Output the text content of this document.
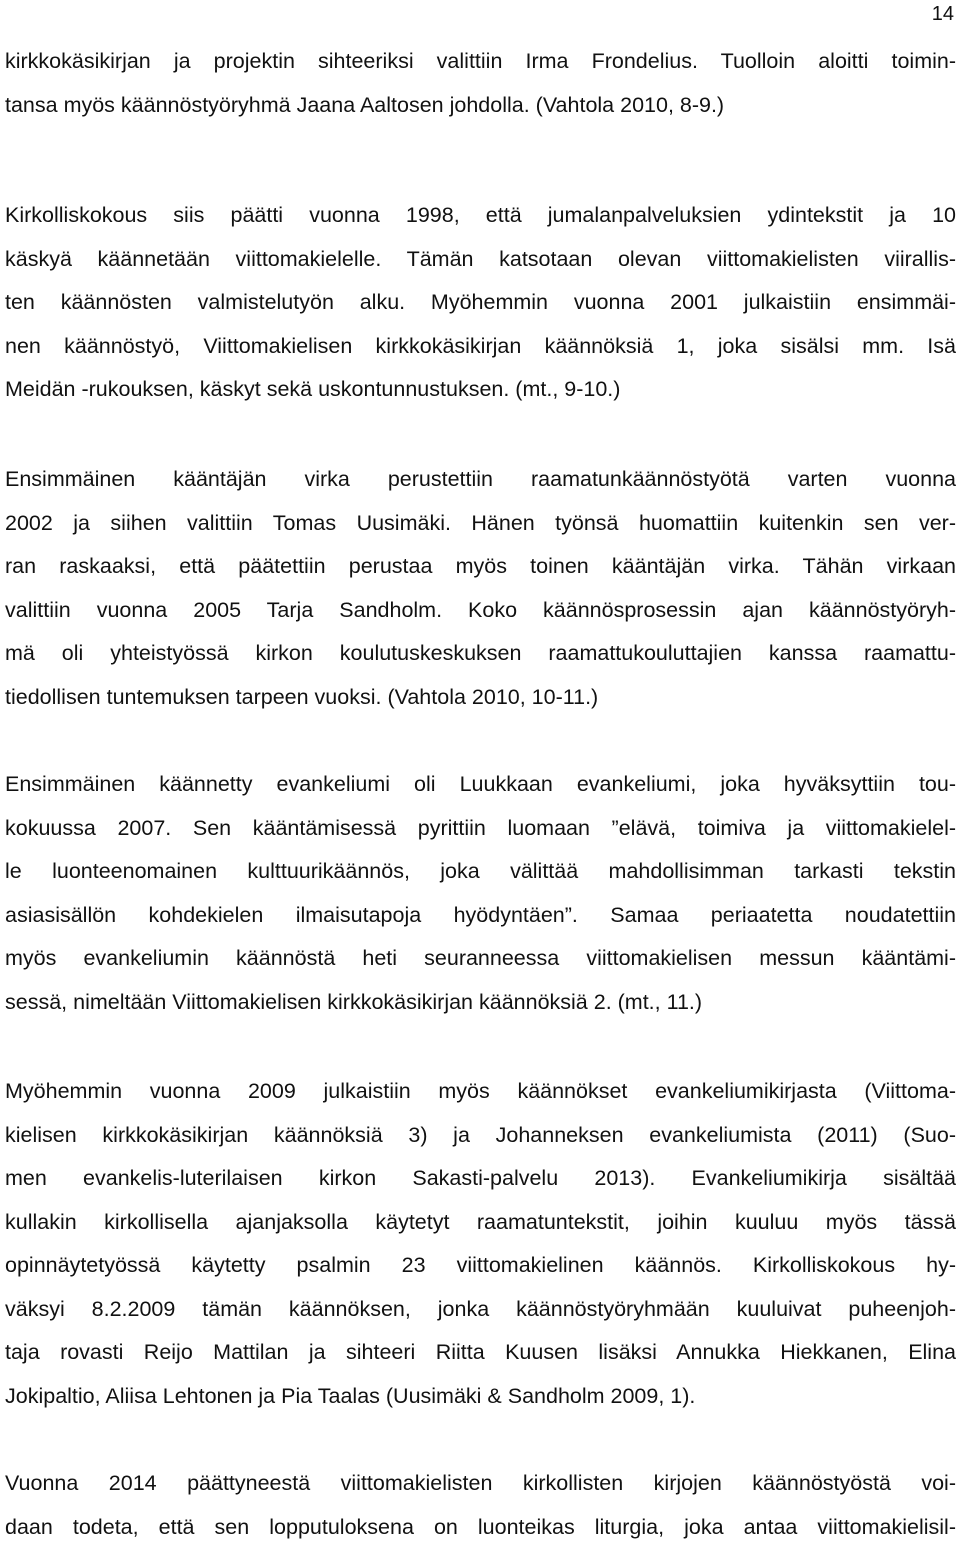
14
kirkkokäsikirjan ja projektin sihteeriksi valittiin Irma Frondelius. Tuolloin aloitti toimin-
tansa myös käännöstyöryhmä Jaana Aaltosen johdolla. (Vahtola 2010, 8-9.)
Kirkolliskokous siis päätti vuonna 1998, että jumalanpalveluksien ydintekstit ja 10
käskyä käännetään viittomakielelle. Tämän katsotaan olevan viittomakielisten viirallis-
ten käännösten valmistelutyön alku. Myöhemmin vuonna 2001 julkaistiin ensimmäi-
nen käännöstyö, Viittomakielisen kirkkokäsikirjan käännöksiä 1, joka sisälsi mm. Isä
Meidän -rukouksen, käskyt sekä uskontunnustuksen. (mt., 9-10.)
Ensimmäinen kääntäjän virka perustettiin raamatunkäännöstyötä varten vuonna
2002 ja siihen valittiin Tomas Uusimäki. Hänen työnsä huomattiin kuitenkin sen ver-
ran raskaaksi, että päätettiin perustaa myös toinen kääntäjän virka. Tähän virkaan
valittiin vuonna 2005 Tarja Sandholm. Koko käännösprosessin ajan käännöstyöryh-
mä oli yhteistyössä kirkon koulutuskeskuksen raamattukouluttajien kanssa raamattu-
tiedollisen tuntemuksen tarpeen vuoksi. (Vahtola 2010, 10-11.)
Ensimmäinen käännetty evankeliumi oli Luukkaan evankeliumi, joka hyväksyttiin tou-
kokuussa 2007. Sen kääntämisessä pyrittiin luomaan ”elävä, toimiva ja viittomakielel-
le luonteenomainen kulttuurikäännös, joka välittää mahdollisimman tarkasti tekstin
asiasisällön kohdekielen ilmaisutapoja hyödyntäen”. Samaa periaatetta noudatettiin
myös evankeliumin käännöstä heti seuranneessa viittomakielisen messun kääntämi-
sessä, nimeltään Viittomakielisen kirkkokäsikirjan käännöksiä 2. (mt., 11.)
Myöhemmin vuonna 2009 julkaistiin myös käännökset evankeliumikirjasta (Viittoma-
kielisen kirkkokäsikirjan käännöksiä 3) ja Johanneksen evankeliumista (2011) (Suo-
men evankelis-luterilaisen kirkon Sakasti-palvelu 2013). Evankeliumikirja sisältää
kullakin kirkollisella ajanjaksolla käytetyt raamatuntekstit, joihin kuuluu myös tässä
opinnäytetyössä käytetty psalmin 23 viittomakielinen käännös. Kirkolliskokous hy-
väksyi 8.2.2009 tämän käännöksen, jonka käännöstyöryhmään kuuluivat puheenjoh-
taja rovasti Reijo Mattilan ja sihteeri Riitta Kuusen lisäksi Annukka Hiekkanen, Elina
Jokipaltio, Aliisa Lehtonen ja Pia Taalas (Uusimäki & Sandholm 2009, 1).
Vuonna 2014 päättyneestä viittomakielisten kirkollisten kirjojen käännöstyöstä voi-
daan todeta, että sen lopputuloksena on luonteikas liturgia, joka antaa viittomakielisil-
